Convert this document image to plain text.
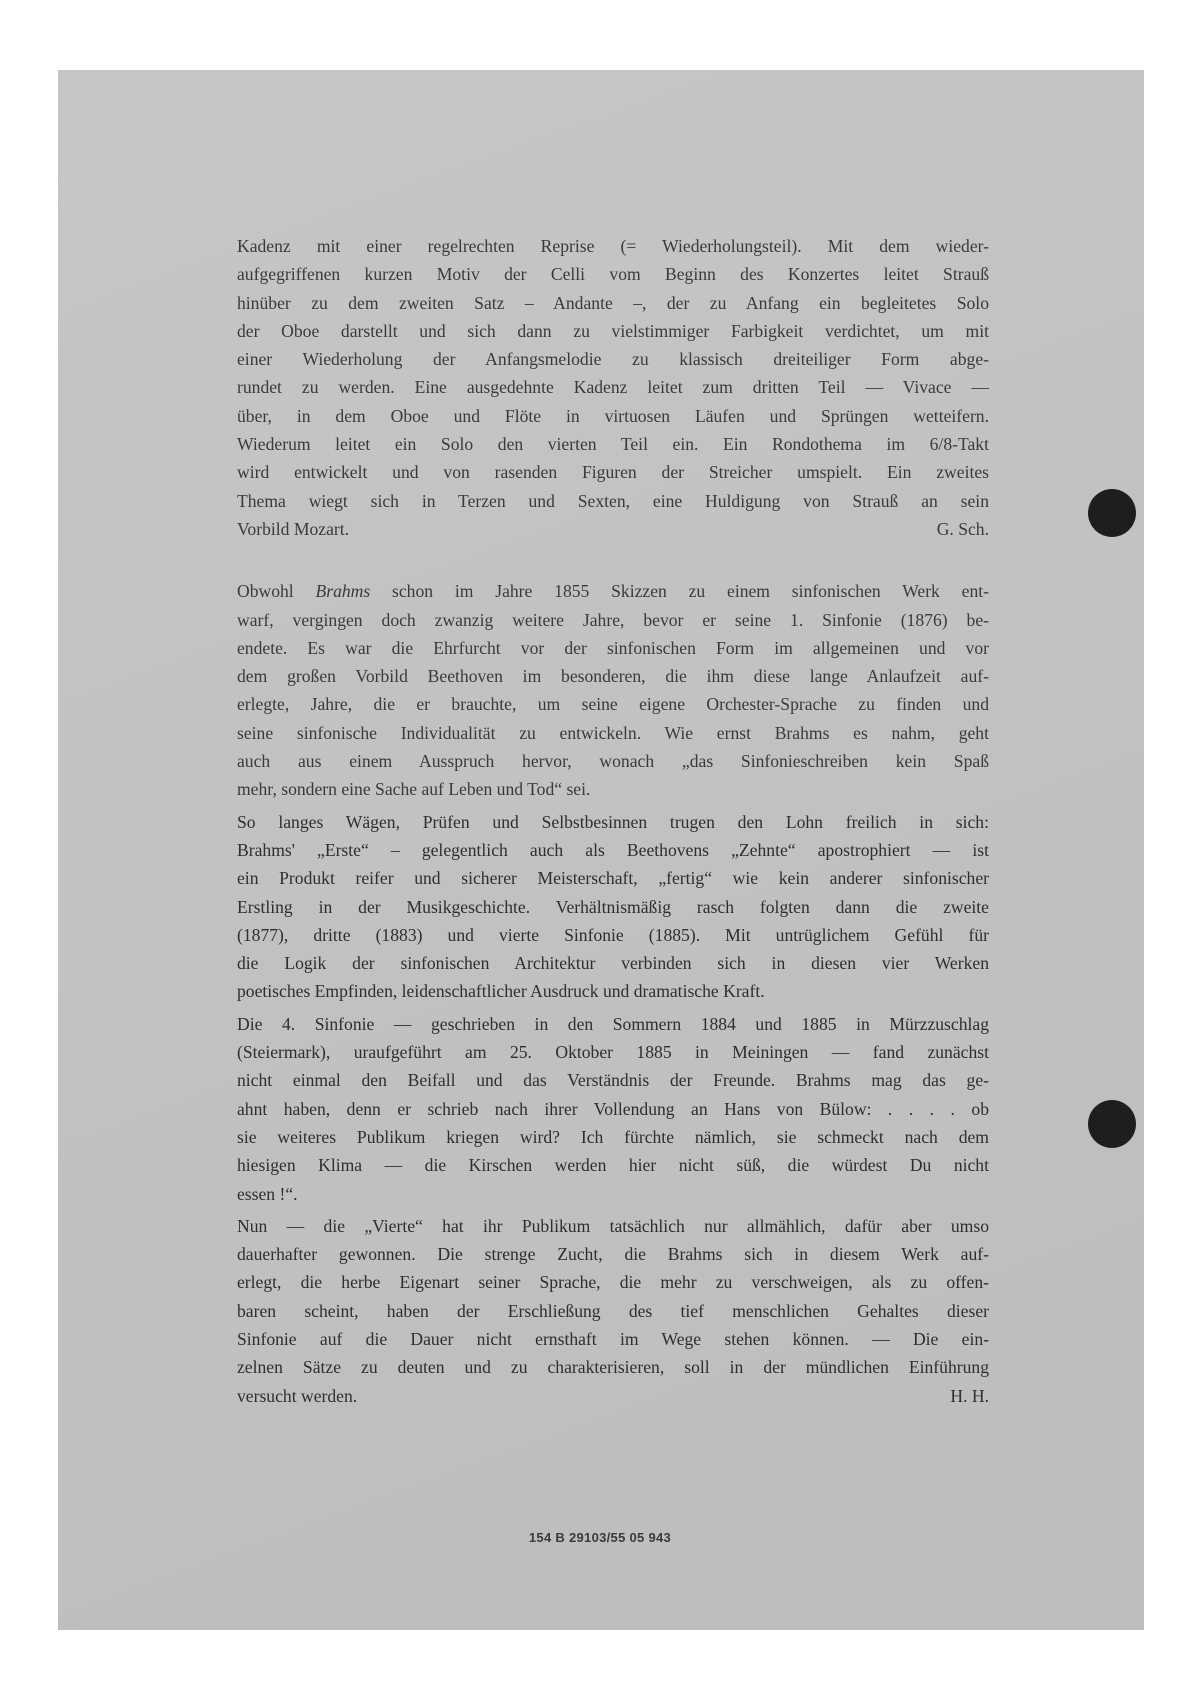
Kadenz mit einer regelrechten Reprise (= Wiederholungsteil). Mit dem wieder-
aufgegriffenen kurzen Motiv der Celli vom Beginn des Konzertes leitet Strauß
hinüber zu dem zweiten Satz – Andante –, der zu Anfang ein begleitetes Solo
der Oboe darstellt und sich dann zu vielstimmiger Farbigkeit verdichtet, um mit
einer Wiederholung der Anfangsmelodie zu klassisch dreiteiliger Form abge-
rundet zu werden. Eine ausgedehnte Kadenz leitet zum dritten Teil — Vivace —
über, in dem Oboe und Flöte in virtuosen Läufen und Sprüngen wetteifern.
Wiederum leitet ein Solo den vierten Teil ein. Ein Rondothema im 6/8-Takt
wird entwickelt und von rasenden Figuren der Streicher umspielt. Ein zweites
Thema wiegt sich in Terzen und Sexten, eine Huldigung von Strauß an sein
Vorbild Mozart.	G. Sch.
Obwohl Brahms schon im Jahre 1855 Skizzen zu einem sinfonischen Werk ent-
warf, vergingen doch zwanzig weitere Jahre, bevor er seine 1. Sinfonie (1876) be-
endete. Es war die Ehrfurcht vor der sinfonischen Form im allgemeinen und vor
dem großen Vorbild Beethoven im besonderen, die ihm diese lange Anlaufzeit auf-
erlegte, Jahre, die er brauchte, um seine eigene Orchester-Sprache zu finden und
seine sinfonische Individualität zu entwickeln. Wie ernst Brahms es nahm, geht
auch aus einem Ausspruch hervor, wonach „das Sinfonieschreiben kein Spaß
mehr, sondern eine Sache auf Leben und Tod“ sei.
So langes Wägen, Prüfen und Selbstbesinnen trugen den Lohn freilich in sich:
Brahms' „Erste“ – gelegentlich auch als Beethovens „Zehnte“ apostrophiert — ist
ein Produkt reifer und sicherer Meisterschaft, „fertig“ wie kein anderer sinfonischer
Erstling in der Musikgeschichte. Verhältnismäßig rasch folgten dann die zweite
(1877), dritte (1883) und vierte Sinfonie (1885). Mit untrüglichem Gefühl für
die Logik der sinfonischen Architektur verbinden sich in diesen vier Werken
poetisches Empfinden, leidenschaftlicher Ausdruck und dramatische Kraft.
Die 4. Sinfonie — geschrieben in den Sommern 1884 und 1885 in Mürzzuschlag
(Steiermark), uraufgeführt am 25. Oktober 1885 in Meiningen — fand zunächst
nicht einmal den Beifall und das Verständnis der Freunde. Brahms mag das ge-
ahnt haben, denn er schrieb nach ihrer Vollendung an Hans von Bülow: . . . . ob
sie weiteres Publikum kriegen wird? Ich fürchte nämlich, sie schmeckt nach dem
hiesigen Klima — die Kirschen werden hier nicht süß, die würdest Du nicht
essen !“.
Nun — die „Vierte“ hat ihr Publikum tatsächlich nur allmählich, dafür aber umso
dauerhafter gewonnen. Die strenge Zucht, die Brahms sich in diesem Werk auf-
erlegt, die herbe Eigenart seiner Sprache, die mehr zu verschweigen, als zu offen-
baren scheint, haben der Erschließung des tief menschlichen Gehaltes dieser
Sinfonie auf die Dauer nicht ernsthaft im Wege stehen können. — Die ein-
zelnen Sätze zu deuten und zu charakterisieren, soll in der mündlichen Einführung
versucht werden.	H. H.
154 B 29103/55 05 943
